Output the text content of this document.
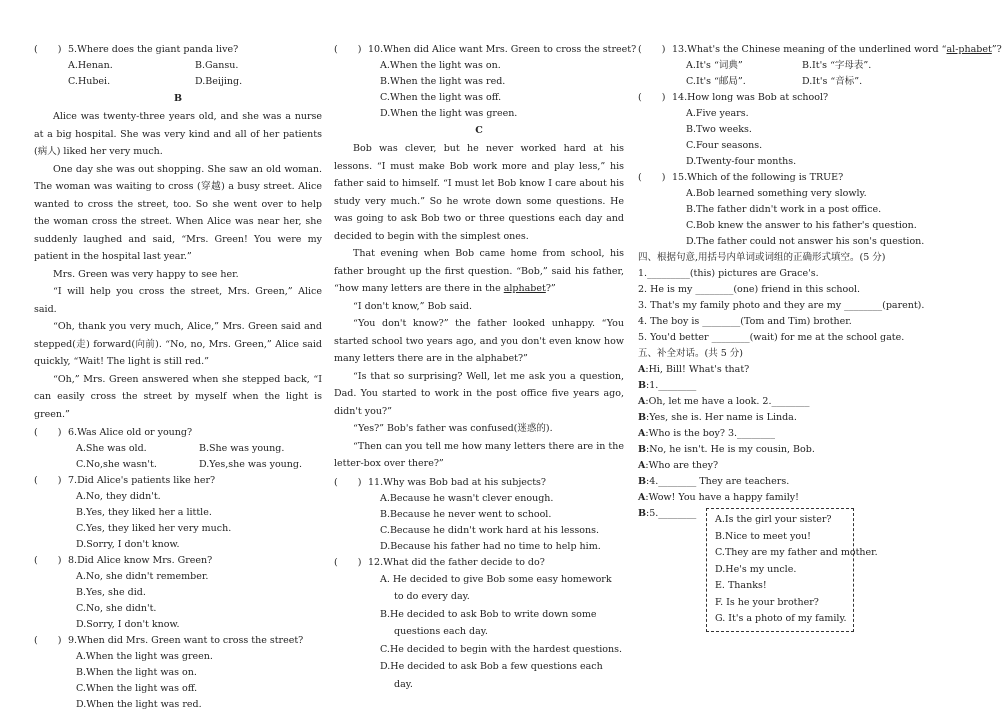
( ) 5.Where does the giant panda live?
A.Henan.	B.Gansu.
C.Hubei.	D.Beijing.
B
Alice was twenty-three years old, and she was a nurse at a big hospital. She was very kind and all of her patients (病人) liked her very much.
One day she was out shopping. She saw an old woman. The woman was waiting to cross (穿越) a busy street. Alice wanted to cross the street, too. So she went over to help the woman cross the street. When Alice was near her, she suddenly laughed and said, “Mrs. Green! You were my patient in the hospital last year.”
Mrs. Green was very happy to see her.
“I will help you cross the street, Mrs. Green,” Alice said.
“Oh, thank you very much, Alice,” Mrs. Green said and stepped(走) forward(向前). “No, no, Mrs. Green,” Alice said quickly, “Wait! The light is still red.”
“Oh,” Mrs. Green answered when she stepped back, “I can easily cross the street by myself when the light is green.”
( ) 6.Was Alice old or young?
A.She was old.	B.She was young.
C.No,she wasn't.	D.Yes,she was young.
( ) 7.Did Alice's patients like her?
A.No, they didn't.
B.Yes, they liked her a little.
C.Yes, they liked her very much.
D.Sorry, I don't know.
( ) 8.Did Alice know Mrs. Green?
A.No, she didn't remember.
B.Yes, she did.
C.No, she didn't.
D.Sorry, I don't know.
( ) 9.When did Mrs. Green want to cross the street?
A.When the light was green.
B.When the light was on.
C.When the light was off.
D.When the light was red.
( ) 10.When did Alice want Mrs. Green to cross the street?
A.When the light was on.
B.When the light was red.
C.When the light was off.
D.When the light was green.
C
Bob was clever, but he never worked hard at his lessons. “I must make Bob work more and play less,” his father said to himself. “I must let Bob know I care about his study very much.” So he wrote down some questions. He was going to ask Bob two or three questions each day and decided to begin with the simplest ones.
That evening when Bob came home from school, his father brought up the first question. “Bob,” said his father, “how many letters are there in the alphabet?”
“I don't know,” Bob said.
“You don't know?” the father looked unhappy. “You started school two years ago, and you don't even know how many letters there are in the alphabet?”
“Is that so surprising? Well, let me ask you a question, Dad. You started to work in the post office five years ago, didn't you?”
“Yes?” Bob's father was confused(迷惑的).
“Then can you tell me how many letters there are in the letter-box over there?”
( ) 11.Why was Bob bad at his subjects?
A.Because he wasn't clever enough.
B.Because he never went to school.
C.Because he didn't work hard at his lessons.
D.Because his father had no time to help him.
( ) 12.What did the father decide to do?
A. He decided to give Bob some easy homework to do every day.
B.He decided to ask Bob to write down some questions each day.
C.He decided to begin with the hardest questions.
D.He decided to ask Bob a few questions each day.
( ) 13.What's the Chinese meaning of the underlined word “al-phabet”?
A.It's “词典”	B.It's “字母表”.
C.It's “邮局”.	D.It's “音标”.
( ) 14.How long was Bob at school?
A.Five years.
B.Two weeks.
C.Four seasons.
D.Twenty-four months.
( ) 15.Which of the following is TRUE?
A.Bob learned something very slowly.
B.The father didn't work in a post office.
C.Bob knew the answer to his father's question.
D.The father could not answer his son's question.
四、根据句意,用括号内单词或词组的正确形式填空。(5 分)
1._________(this) pictures are Grace's.
2. He is my ________(one) friend in this school.
3. That's my family photo and they are my ________(parent).
4. The boy is ________(Tom and Tim) brother.
5. You'd better ________(wait) for me at the school gate.
五、补全对话。(共 5 分)
A:Hi, Bill! What's that?
B:1.________
A:Oh, let me have a look. 2.________
B:Yes, she is. Her name is Linda.
A:Who is the boy? 3.________
B:No, he isn't. He is my cousin, Bob.
A:Who are they?
B:4.________ They are teachers.
A:Wow! You have a happy family!
B:5.________
A.Is the girl your sister?
B.Nice to meet you!
C.They are my father and mother.
D.He's my uncle.
E. Thanks!
F. Is he your brother?
G. It's a photo of my family.
